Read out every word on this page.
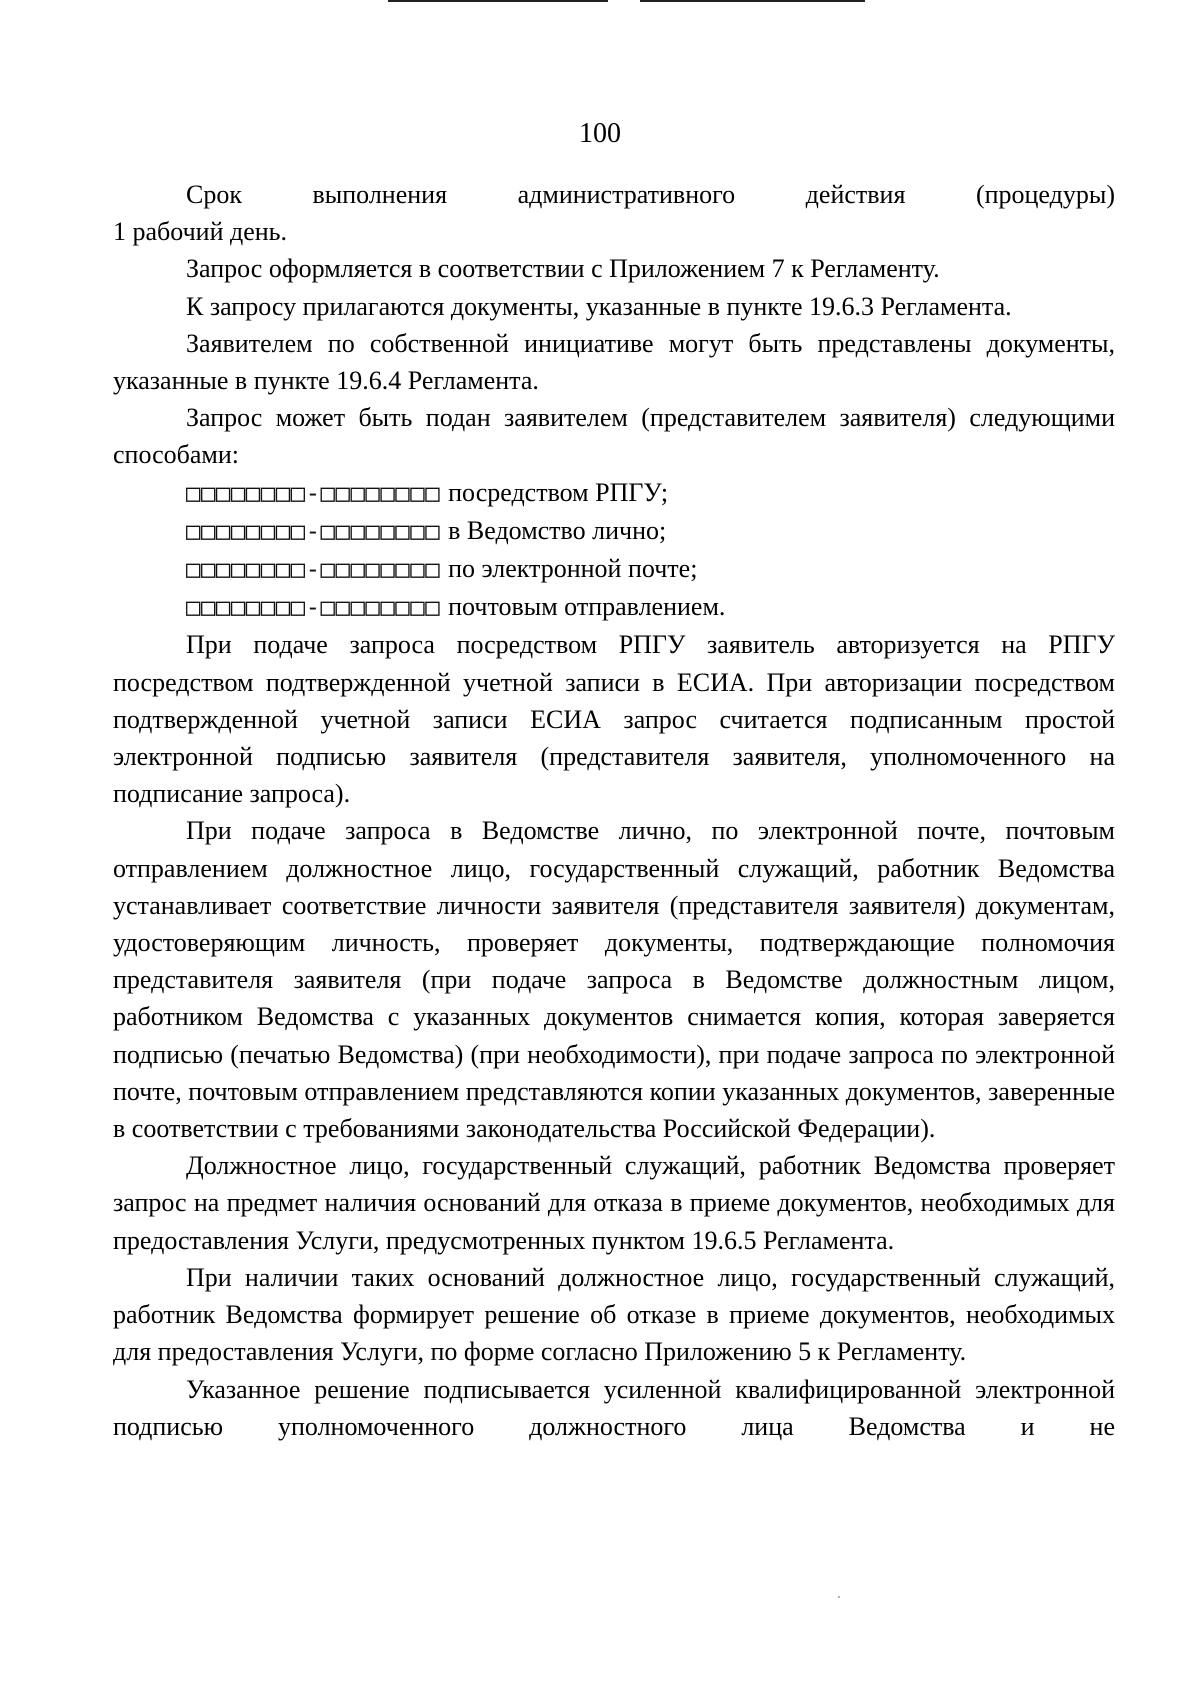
100

Срок выполнения административного действия (процедуры)

1 рабочий день.

Запрос оформляется в соответствии с Приложением 7 к Регламенту.

К запросу прилагаются документы, указанные в пункте 19.6.3 Регламента.

Заявителем по собственной инициативе могут быть представлены документы, указанные в пункте 19.6.4 Регламента.

Запрос может быть подан заявителем (представителем заявителя) следующими способами:

□□□□□□□□-□□□□□□□□ посредством РПГУ;

□□□□□□□□-□□□□□□□□ в Ведомство лично;

□□□□□□□□-□□□□□□□□ по электронной почте;

□□□□□□□□-□□□□□□□□ почтовым отправлением.

При подаче запроса посредством РПГУ заявитель авторизуется на РПГУ посредством подтвержденной учетной записи в ЕСИА. При авторизации посредством подтвержденной учетной записи ЕСИА запрос считается подписанным простой электронной подписью заявителя (представителя заявителя, уполномоченного на подписание запроса).

При подаче запроса в Ведомстве лично, по электронной почте, почтовым отправлением должностное лицо, государственный служащий, работник Ведомства устанавливает соответствие личности заявителя (представителя заявителя) документам, удостоверяющим личность, проверяет документы, подтверждающие полномочия представителя заявителя (при подаче запроса в Ведомстве должностным лицом, работником Ведомства с указанных документов снимается копия, которая заверяется подписью (печатью Ведомства) (при необходимости), при подаче запроса по электронной почте, почтовым отправлением представляются копии указанных документов, заверенные в соответствии с требованиями законодательства Российской Федерации).

Должностное лицо, государственный служащий, работник Ведомства проверяет запрос на предмет наличия оснований для отказа в приеме документов, необходимых для предоставления Услуги, предусмотренных пунктом 19.6.5 Регламента.

При наличии таких оснований должностное лицо, государственный служащий, работник Ведомства формирует решение об отказе в приеме документов, необходимых для предоставления Услуги, по форме согласно Приложению 5 к Регламенту.

Указанное решение подписывается усиленной квалифицированной электронной подписью уполномоченного должностного лица Ведомства и не
